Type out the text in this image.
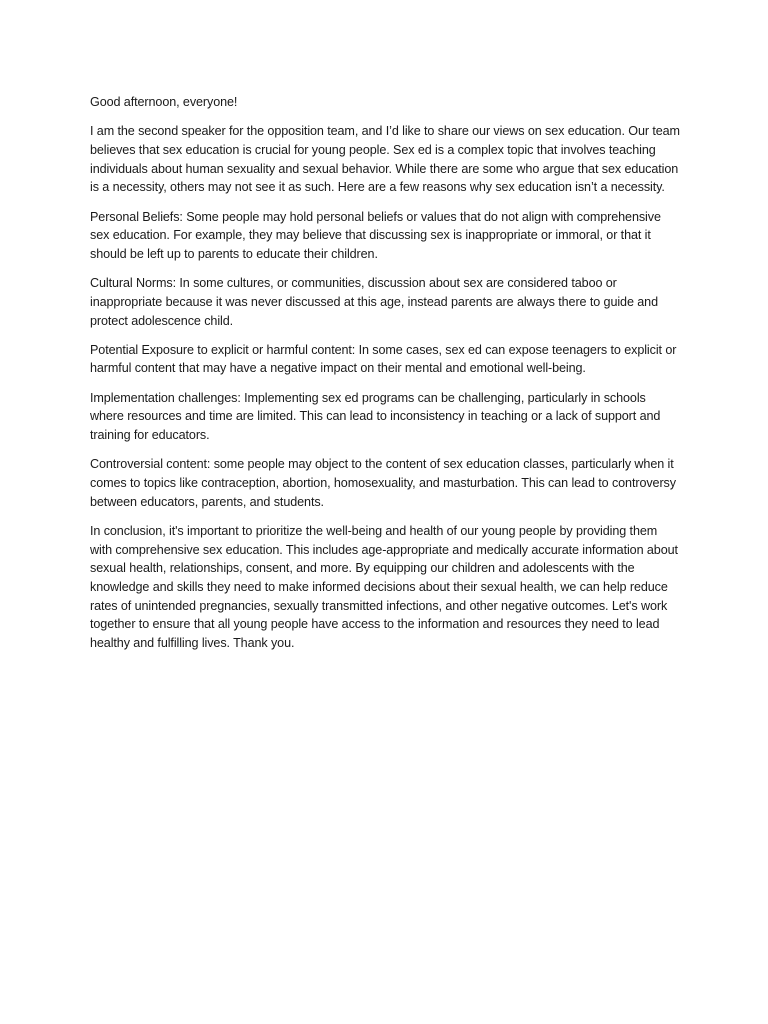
Good afternoon, everyone!

I am the second speaker for the opposition team, and I’d like to share our views on sex education. Our team believes that sex education is crucial for young people. Sex ed is a complex topic that involves teaching individuals about human sexuality and sexual behavior. While there are some who argue that sex education is a necessity, others may not see it as such. Here are a few reasons why sex education isn’t a necessity.

Personal Beliefs: Some people may hold personal beliefs or values that do not align with comprehensive sex education. For example, they may believe that discussing sex is inappropriate or immoral, or that it should be left up to parents to educate their children.

Cultural Norms: In some cultures, or communities, discussion about sex are considered taboo or inappropriate because it was never discussed at this age, instead parents are always there to guide and protect adolescence child.

Potential Exposure to explicit or harmful content: In some cases, sex ed can expose teenagers to explicit or harmful content that may have a negative impact on their mental and emotional well-being.

Implementation challenges: Implementing sex ed programs can be challenging, particularly in schools where resources and time are limited. This can lead to inconsistency in teaching or a lack of support and training for educators.

Controversial content: some people may object to the content of sex education classes, particularly when it comes to topics like contraception, abortion, homosexuality, and masturbation. This can lead to controversy between educators, parents, and students.

In conclusion, it's important to prioritize the well-being and health of our young people by providing them with comprehensive sex education. This includes age-appropriate and medically accurate information about sexual health, relationships, consent, and more. By equipping our children and adolescents with the knowledge and skills they need to make informed decisions about their sexual health, we can help reduce rates of unintended pregnancies, sexually transmitted infections, and other negative outcomes. Let's work together to ensure that all young people have access to the information and resources they need to lead healthy and fulfilling lives. Thank you.
